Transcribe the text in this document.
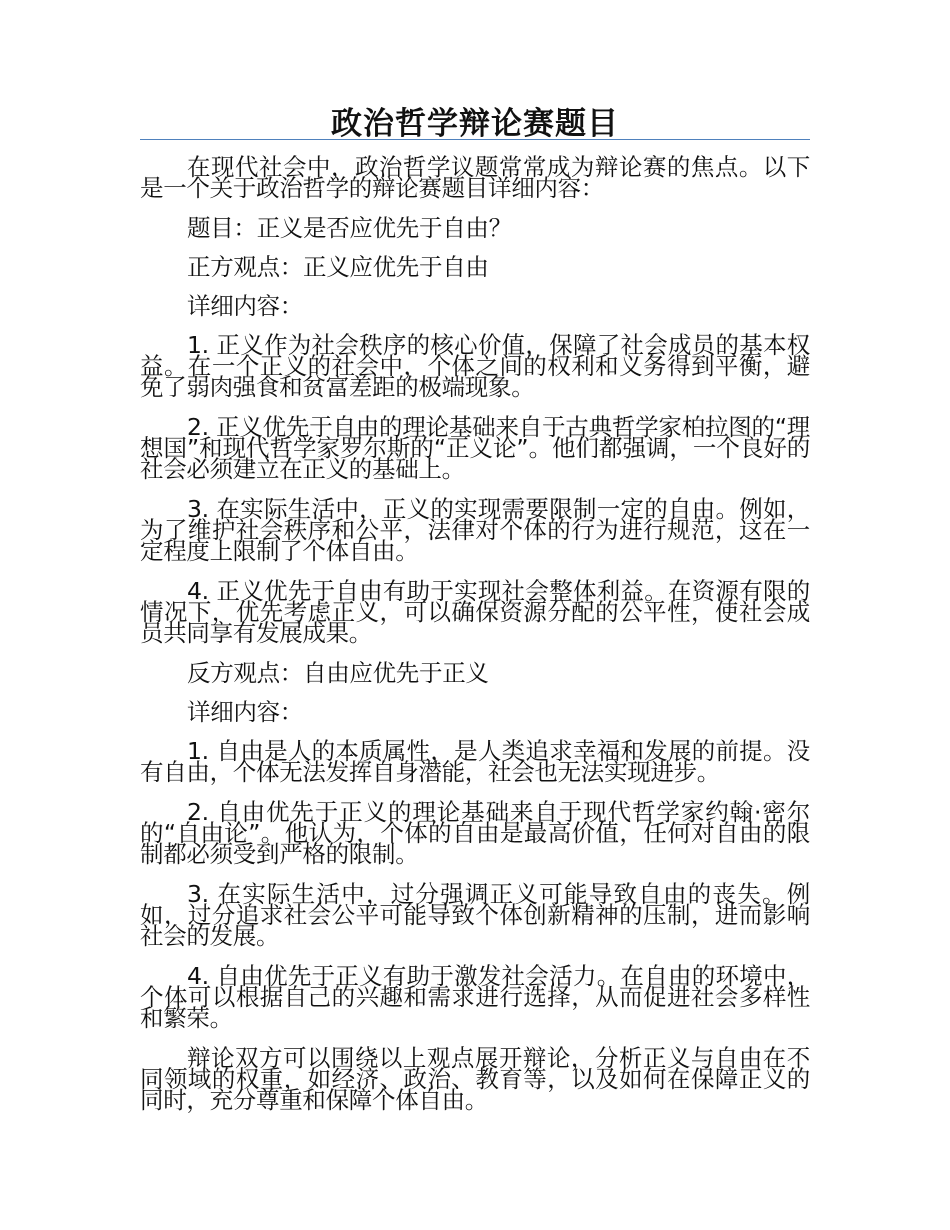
政治哲学辩论赛题目

在现代社会中，政治哲学议题常常成为辩论赛的焦点。以下是一个关于政治哲学的辩论赛题目详细内容：

题目：正义是否应优先于自由？

正方观点：正义应优先于自由

详细内容：

1. 正义作为社会秩序的核心价值，保障了社会成员的基本权益。在一个正义的社会中，个体之间的权利和义务得到平衡，避免了弱肉强食和贫富差距的极端现象。

2. 正义优先于自由的理论基础来自于古典哲学家柏拉图的“理想国”和现代哲学家罗尔斯的“正义论”。他们都强调，一个良好的社会必须建立在正义的基础上。

3. 在实际生活中，正义的实现需要限制一定的自由。例如，为了维护社会秩序和公平，法律对个体的行为进行规范，这在一定程度上限制了个体自由。

4. 正义优先于自由有助于实现社会整体利益。在资源有限的情况下，优先考虑正义，可以确保资源分配的公平性，使社会成员共同享有发展成果。

反方观点：自由应优先于正义

详细内容：

1. 自由是人的本质属性，是人类追求幸福和发展的前提。没有自由，个体无法发挥自身潜能，社会也无法实现进步。

2. 自由优先于正义的理论基础来自于现代哲学家约翰·密尔的“自由论”。他认为，个体的自由是最高价值，任何对自由的限制都必须受到严格的限制。

3. 在实际生活中，过分强调正义可能导致自由的丧失。例如，过分追求社会公平可能导致个体创新精神的压制，进而影响社会的发展。

4. 自由优先于正义有助于激发社会活力。在自由的环境中，个体可以根据自己的兴趣和需求进行选择，从而促进社会多样性和繁荣。

辩论双方可以围绕以上观点展开辩论，分析正义与自由在不同领域的权重，如经济、政治、教育等，以及如何在保障正义的同时，充分尊重和保障个体自由。
